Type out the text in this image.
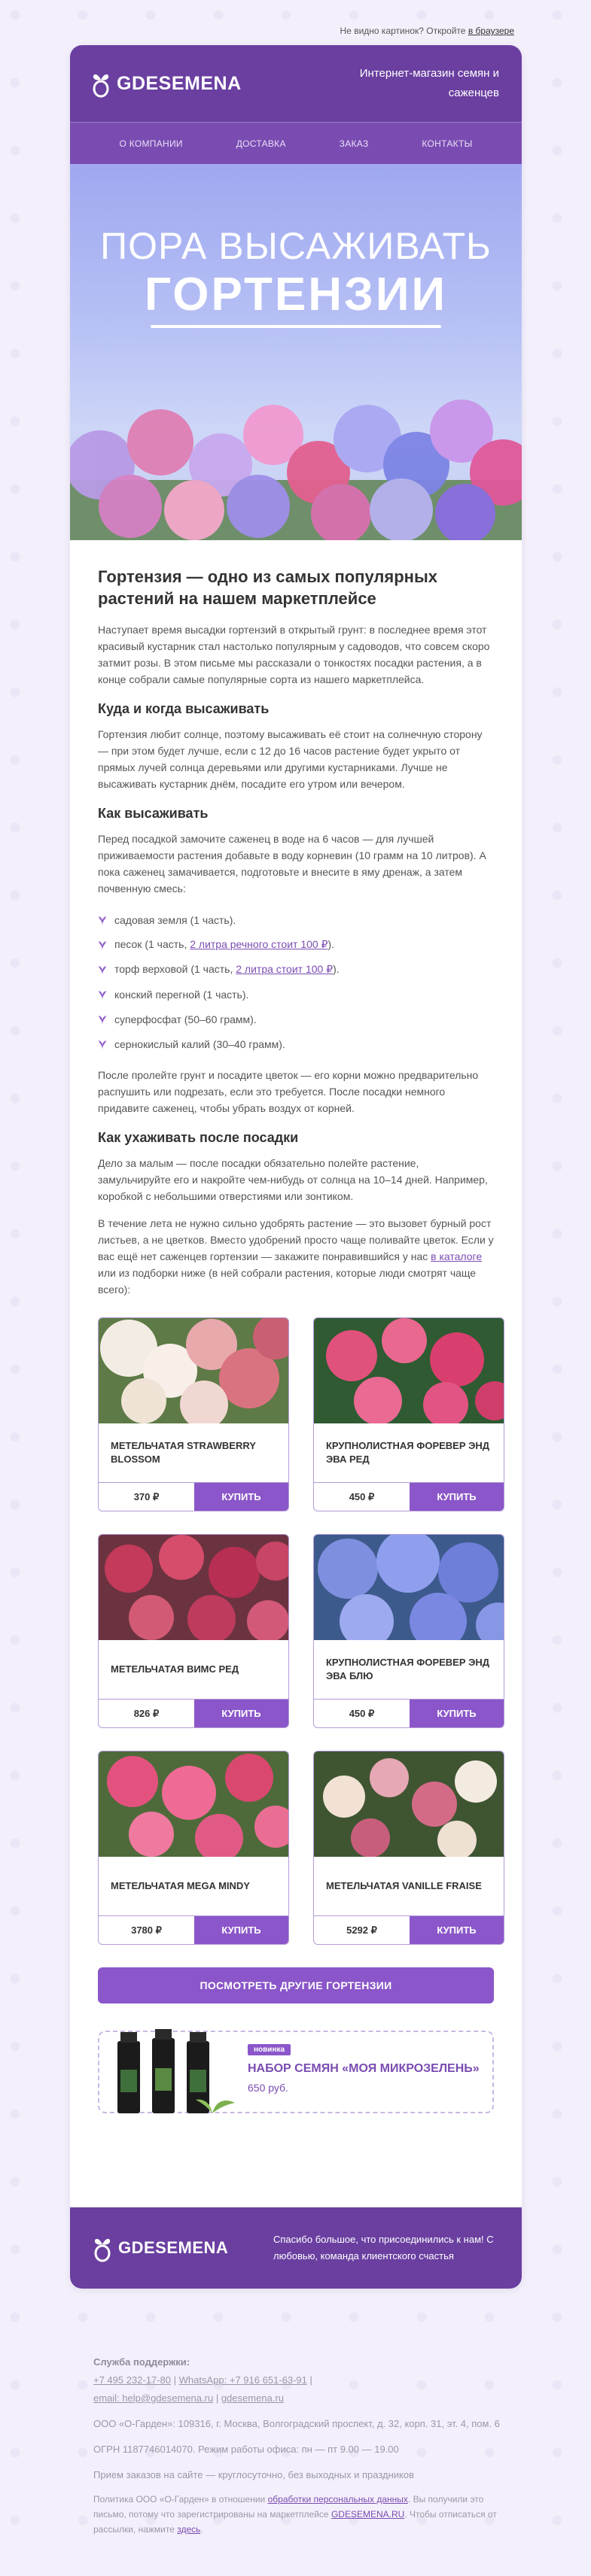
Не видно картинок? Откройте в браузере
GDESEMENA	Интернет-магазин семян и саженцев
О КОМПАНИИ	ДОСТАВКА	ЗАКАЗ	КОНТАКТЫ
ПОРА ВЫСАЖИВАТЬ
ГОРТЕНЗИИ
Гортензия — одно из самых популярных растений на нашем маркетплейсе

Наступает время высадки гортензий в открытый грунт: в последнее время этот красивый кустарник стал настолько популярным у садоводов, что совсем скоро затмит розы. В этом письме мы рассказали о тонкостях посадки растения, а в конце собрали самые популярные сорта из нашего маркетплейса.

Куда и когда высаживать

Гортензия любит солнце, поэтому высаживать её стоит на солнечную сторону — при этом будет лучше, если с 12 до 16 часов растение будет укрыто от прямых лучей солнца деревьями или другими кустарниками. Лучше не высаживать кустарник днём, посадите его утром или вечером.

Как высаживать

Перед посадкой замочите саженец в воде на 6 часов — для лучшей приживаемости растения добавьте в воду корневин (10 грамм на 10 литров). А пока саженец замачивается, подготовьте и внесите в яму дренаж, а затем почвенную смесь:

садовая земля (1 часть).
песок (1 часть, 2 литра речного стоит 100 ₽).
торф верховой (1 часть, 2 литра стоит 100 ₽).
конский перегной (1 часть).
суперфосфат (50–60 грамм).
сернокислый калий (30–40 грамм).

После пролейте грунт и посадите цветок — его корни можно предварительно распушить или подрезать, если это требуется. После посадки немного придавите саженец, чтобы убрать воздух от корней.

Как ухаживать после посадки

Дело за малым — после посадки обязательно полейте растение, замульчируйте его и накройте чем-нибудь от солнца на 10–14 дней. Например, коробкой с небольшими отверстиями или зонтиком.

В течение лета не нужно сильно удобрять растение — это вызовет бурный рост листьев, а не цветков. Вместо удобрений просто чаще поливайте цветок. Если у вас ещё нет саженцев гортензии — закажите понравившийся у нас в каталоге или из подборки ниже (в ней собрали растения, которые люди смотрят чаще всего):

МЕТЕЛЬЧАТАЯ STRAWBERRY BLOSSOM
370 ₽	КУПИТЬ
КРУПНОЛИСТНАЯ ФОРЕВЕР ЭНД ЭВА РЕД
450 ₽	КУПИТЬ
МЕТЕЛЬЧАТАЯ ВИМС РЕД
826 ₽	КУПИТЬ
КРУПНОЛИСТНАЯ ФОРЕВЕР ЭНД ЭВА БЛЮ
450 ₽	КУПИТЬ
МЕТЕЛЬЧАТАЯ MEGA MINDY
3780 ₽	КУПИТЬ
МЕТЕЛЬЧАТАЯ VANILLE FRAISE
5292 ₽	КУПИТЬ
ПОСМОТРЕТЬ ДРУГИЕ ГОРТЕНЗИИ
новинка
НАБОР СЕМЯН «МОЯ МИКРОЗЕЛЕНЬ»
650 руб.
GDESEMENA	Спасибо большое, что присоединились к нам! С любовью, команда клиентского счастья
Служба поддержки:
+7 495 232-17-80 | WhatsApp: +7 916 651-63-91 |
email: help@gdesemena.ru | gdesemena.ru
ООО «О-Гарден»: 109316, г. Москва, Волгоградский проспект, д. 32, корп. 31, эт. 4, пом. 6
ОГРН 1187746014070. Режим работы офиса: пн — пт 9.00 — 19.00
Прием заказов на сайте — круглосуточно, без выходных и праздников
Политика ООО «О-Гарден» в отношении обработки персональных данных. Вы получили это письмо, потому что зарегистрированы на маркетплейсе GDESEMENA.RU. Чтобы отписаться от рассылки, нажмите здесь.
